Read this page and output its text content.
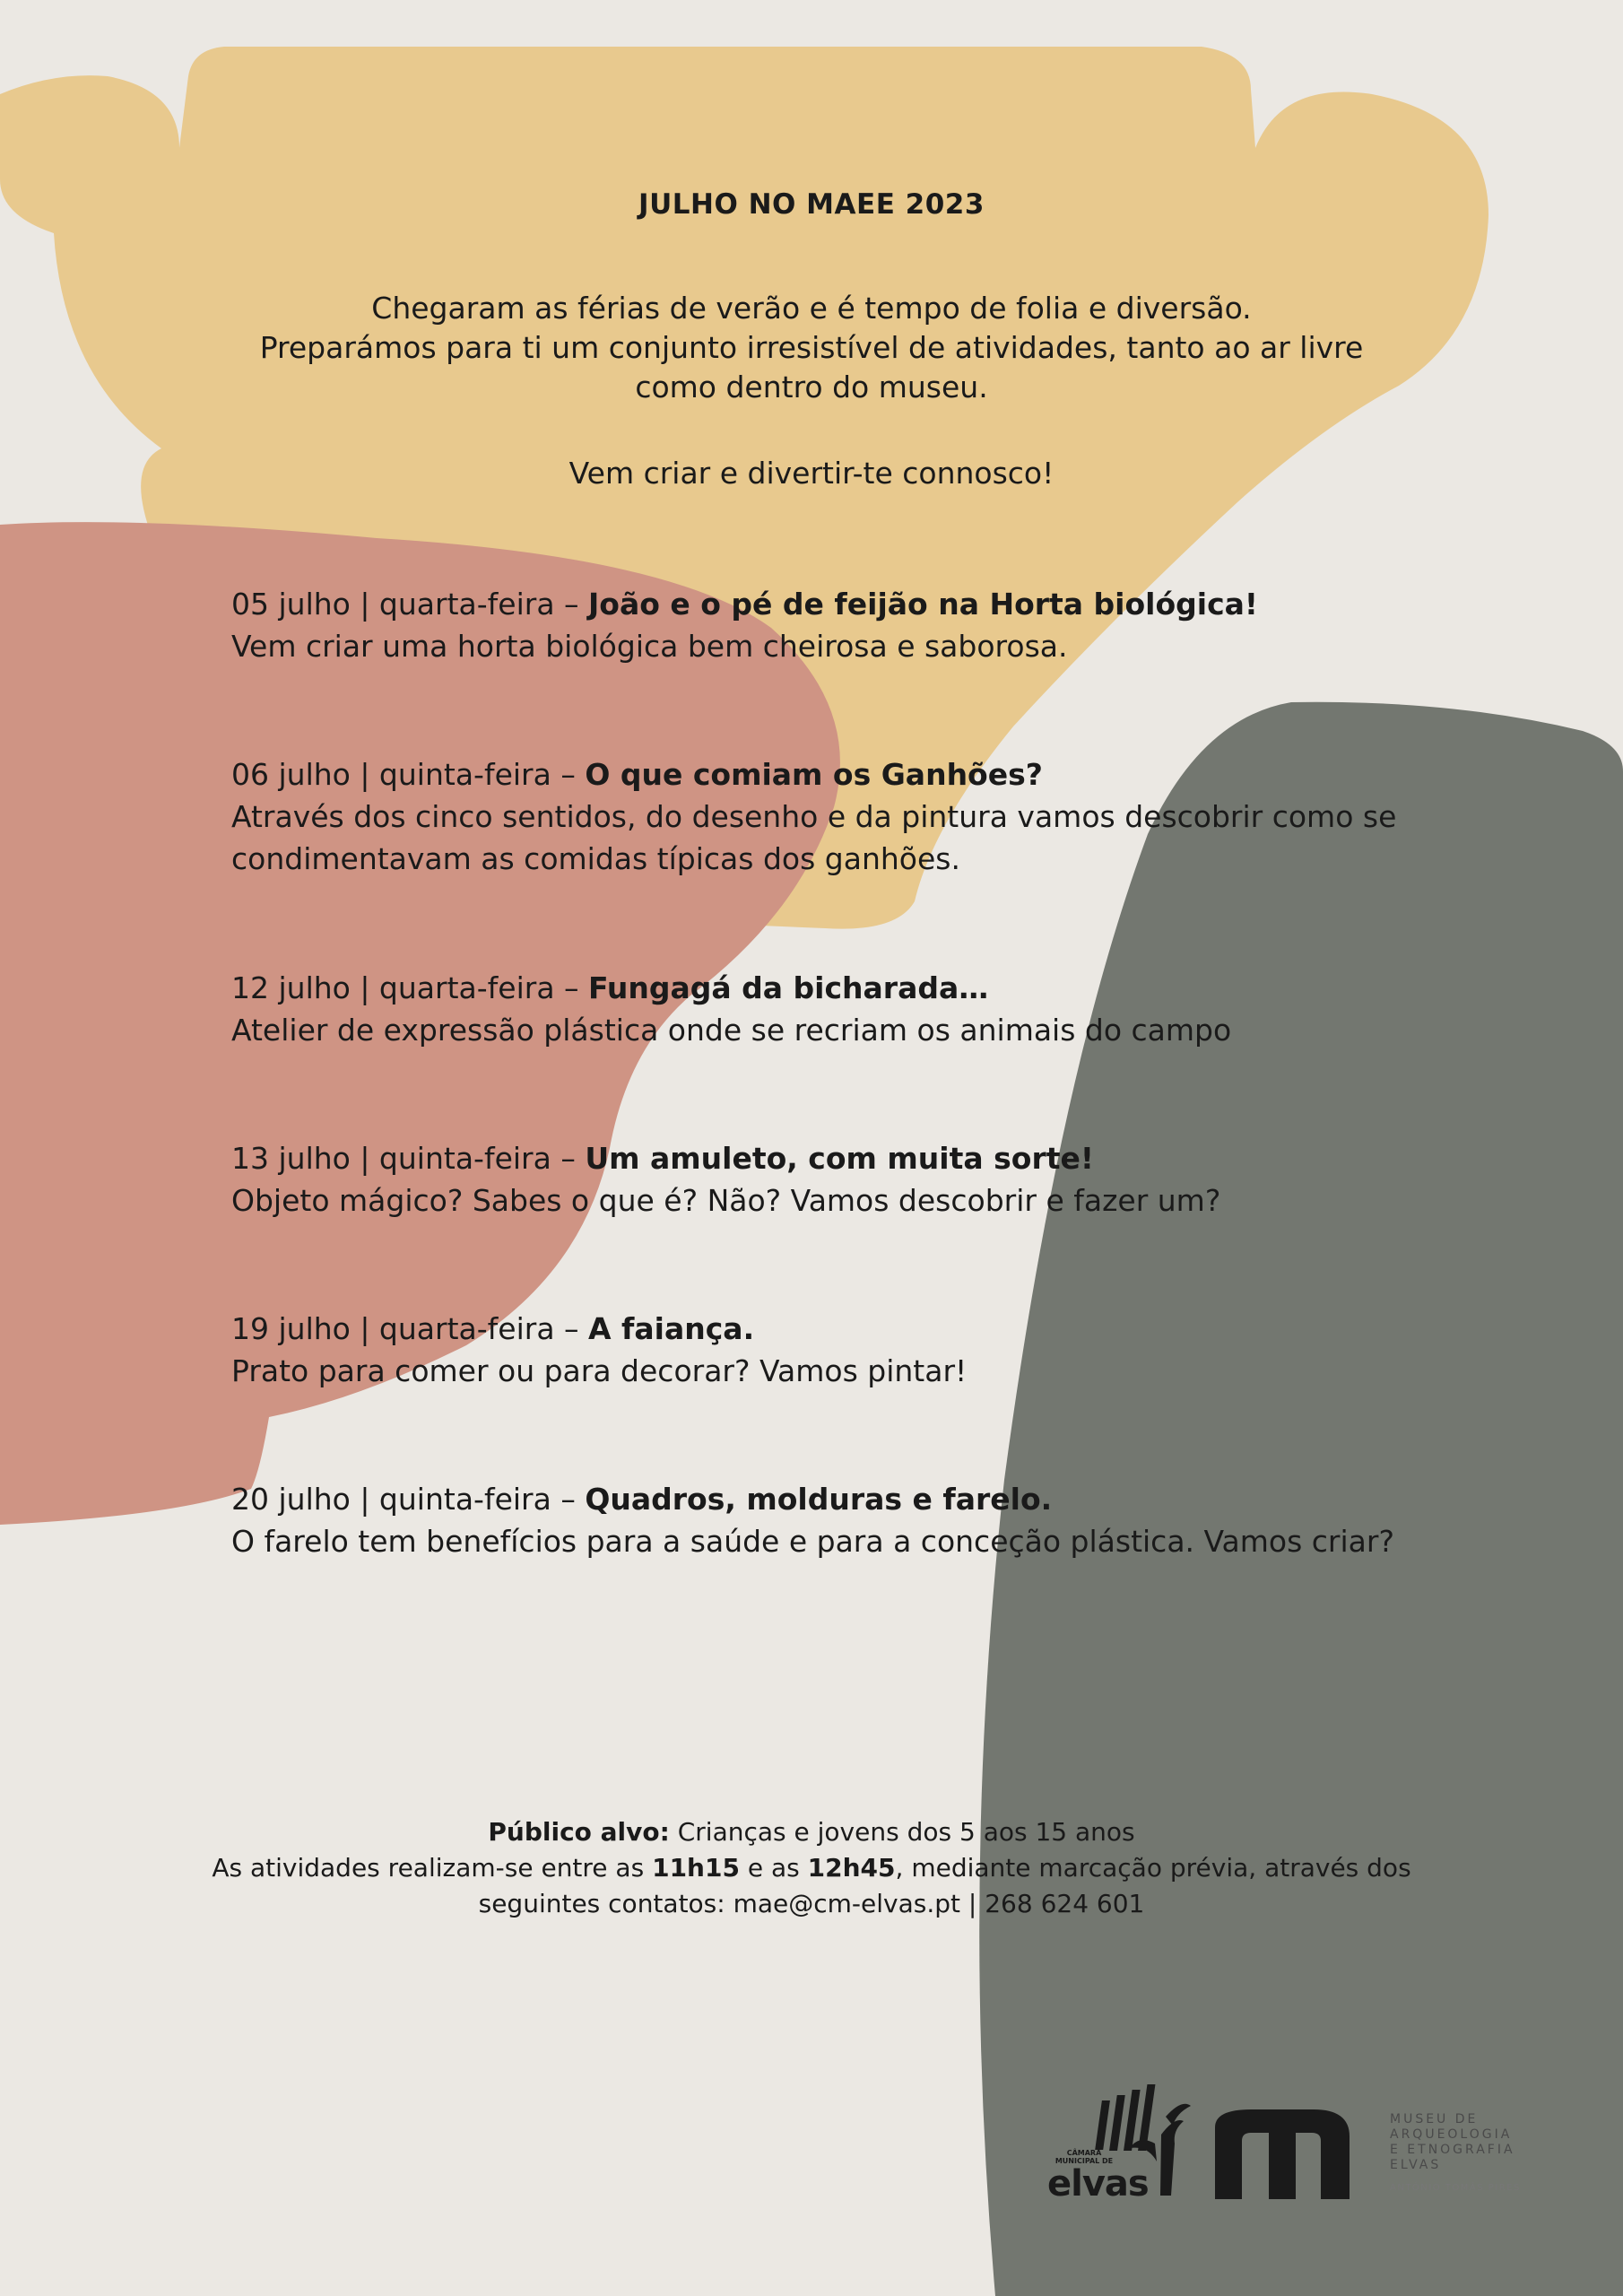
JULHO NO MAEE 2023

Chegaram as férias de verão e é tempo de folia e diversão.

Preparámos para ti um conjunto irresistível de atividades, tanto ao ar livre como dentro do museu.

Vem criar e divertir-te connosco!

05 julho | quarta-feira – João e o pé de feijão na Horta biológica!
Vem criar uma horta biológica bem cheirosa e saborosa.
06 julho | quinta-feira – O que comiam os Ganhões?
Através dos cinco sentidos, do desenho e da pintura vamos descobrir como se condimentavam as comidas típicas dos ganhões.
12 julho | quarta-feira – Fungagá da bicharada…
Atelier de expressão plástica onde se recriam os animais do campo
13 julho | quinta-feira – Um amuleto, com muita sorte!
Objeto mágico? Sabes o que é? Não? Vamos descobrir e fazer um?
19 julho | quarta-feira – A faiança.
Prato para comer ou para decorar? Vamos pintar!
20 julho | quinta-feira – Quadros, molduras e farelo.
O farelo tem benefícios para a saúde e para a conceção plástica. Vamos criar?

Público alvo: Crianças e jovens dos 5 aos 15 anos

As atividades realizam-se entre as 11h15 e as 12h45, mediante marcação prévia, através dos seguintes contatos: mae@cm-elvas.pt | 268 624 601

CÂMARA MUNICIPAL DE
elvas
MUSEU DE
ARQUEOLOGIA
E ETNOGRAFIA
ELVAS
ANTÓNIO TOMÁS PIRES
